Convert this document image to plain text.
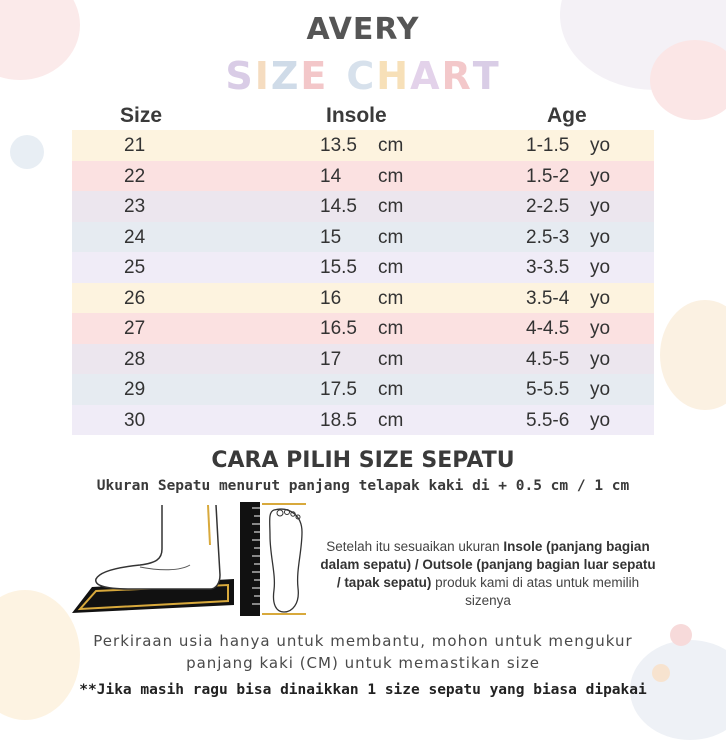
AVERY
SIZE CHART
Size	Insole	Age
21	13.5 cm	1-1.5 yo
22	14 cm	1.5-2 yo
23	14.5 cm	2-2.5 yo
24	15 cm	2.5-3 yo
25	15.5 cm	3-3.5 yo
26	16 cm	3.5-4 yo
27	16.5 cm	4-4.5 yo
28	17 cm	4.5-5 yo
29	17.5 cm	5-5.5 yo
30	18.5 cm	5.5-6 yo
CARA PILIH SIZE SEPATU
Ukuran Sepatu menurut panjang telapak kaki di + 0.5 cm / 1 cm
Setelah itu sesuaikan ukuran Insole (panjang bagian dalam sepatu) / Outsole (panjang bagian luar sepatu / tapak sepatu) produk kami di atas untuk memilih sizenya
Perkiraan usia hanya untuk membantu, mohon untuk mengukur
panjang kaki (CM) untuk memastikan size
**Jika masih ragu bisa dinaikkan 1 size sepatu yang biasa dipakai
